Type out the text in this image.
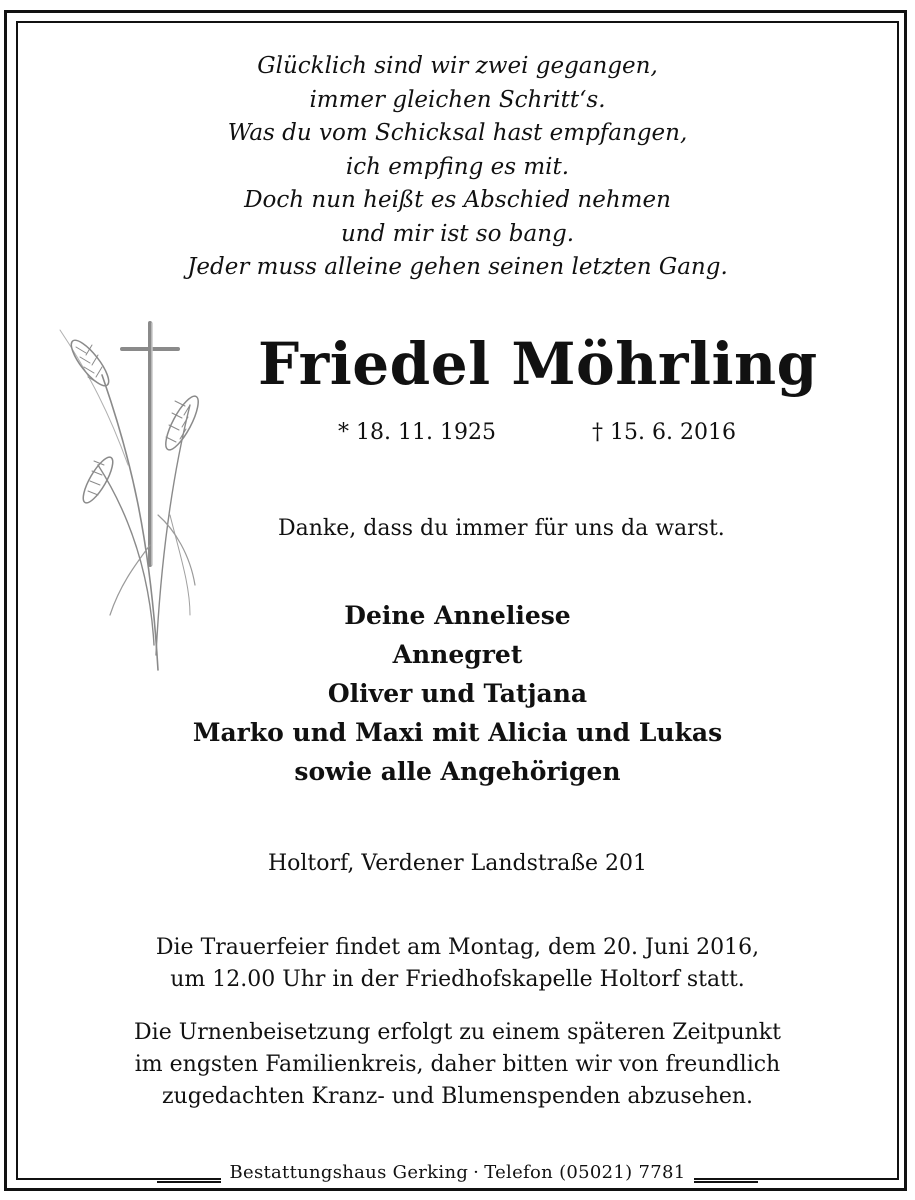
Glücklich sind wir zwei gegangen,
immer gleichen Schritt‘s.
Was du vom Schicksal hast empfangen,
ich empfing es mit.
Doch nun heißt es Abschied nehmen
und mir ist so bang.
Jeder muss alleine gehen seinen letzten Gang.
Friedel Möhrling
* 18. 11. 1925	† 15. 6. 2016
Danke, dass du immer für uns da warst.
Deine Anneliese
Annegret
Oliver und Tatjana
Marko und Maxi mit Alicia und Lukas
sowie alle Angehörigen
Holtorf, Verdener Landstraße 201
Die Trauerfeier findet am Montag, dem 20. Juni 2016,
um 12.00 Uhr in der Friedhofskapelle Holtorf statt.
Die Urnenbeisetzung erfolgt zu einem späteren Zeitpunkt
im engsten Familienkreis, daher bitten wir von freundlich
zugedachten Kranz- und Blumenspenden abzusehen.
Bestattungshaus Gerking · Telefon (05021) 7781
